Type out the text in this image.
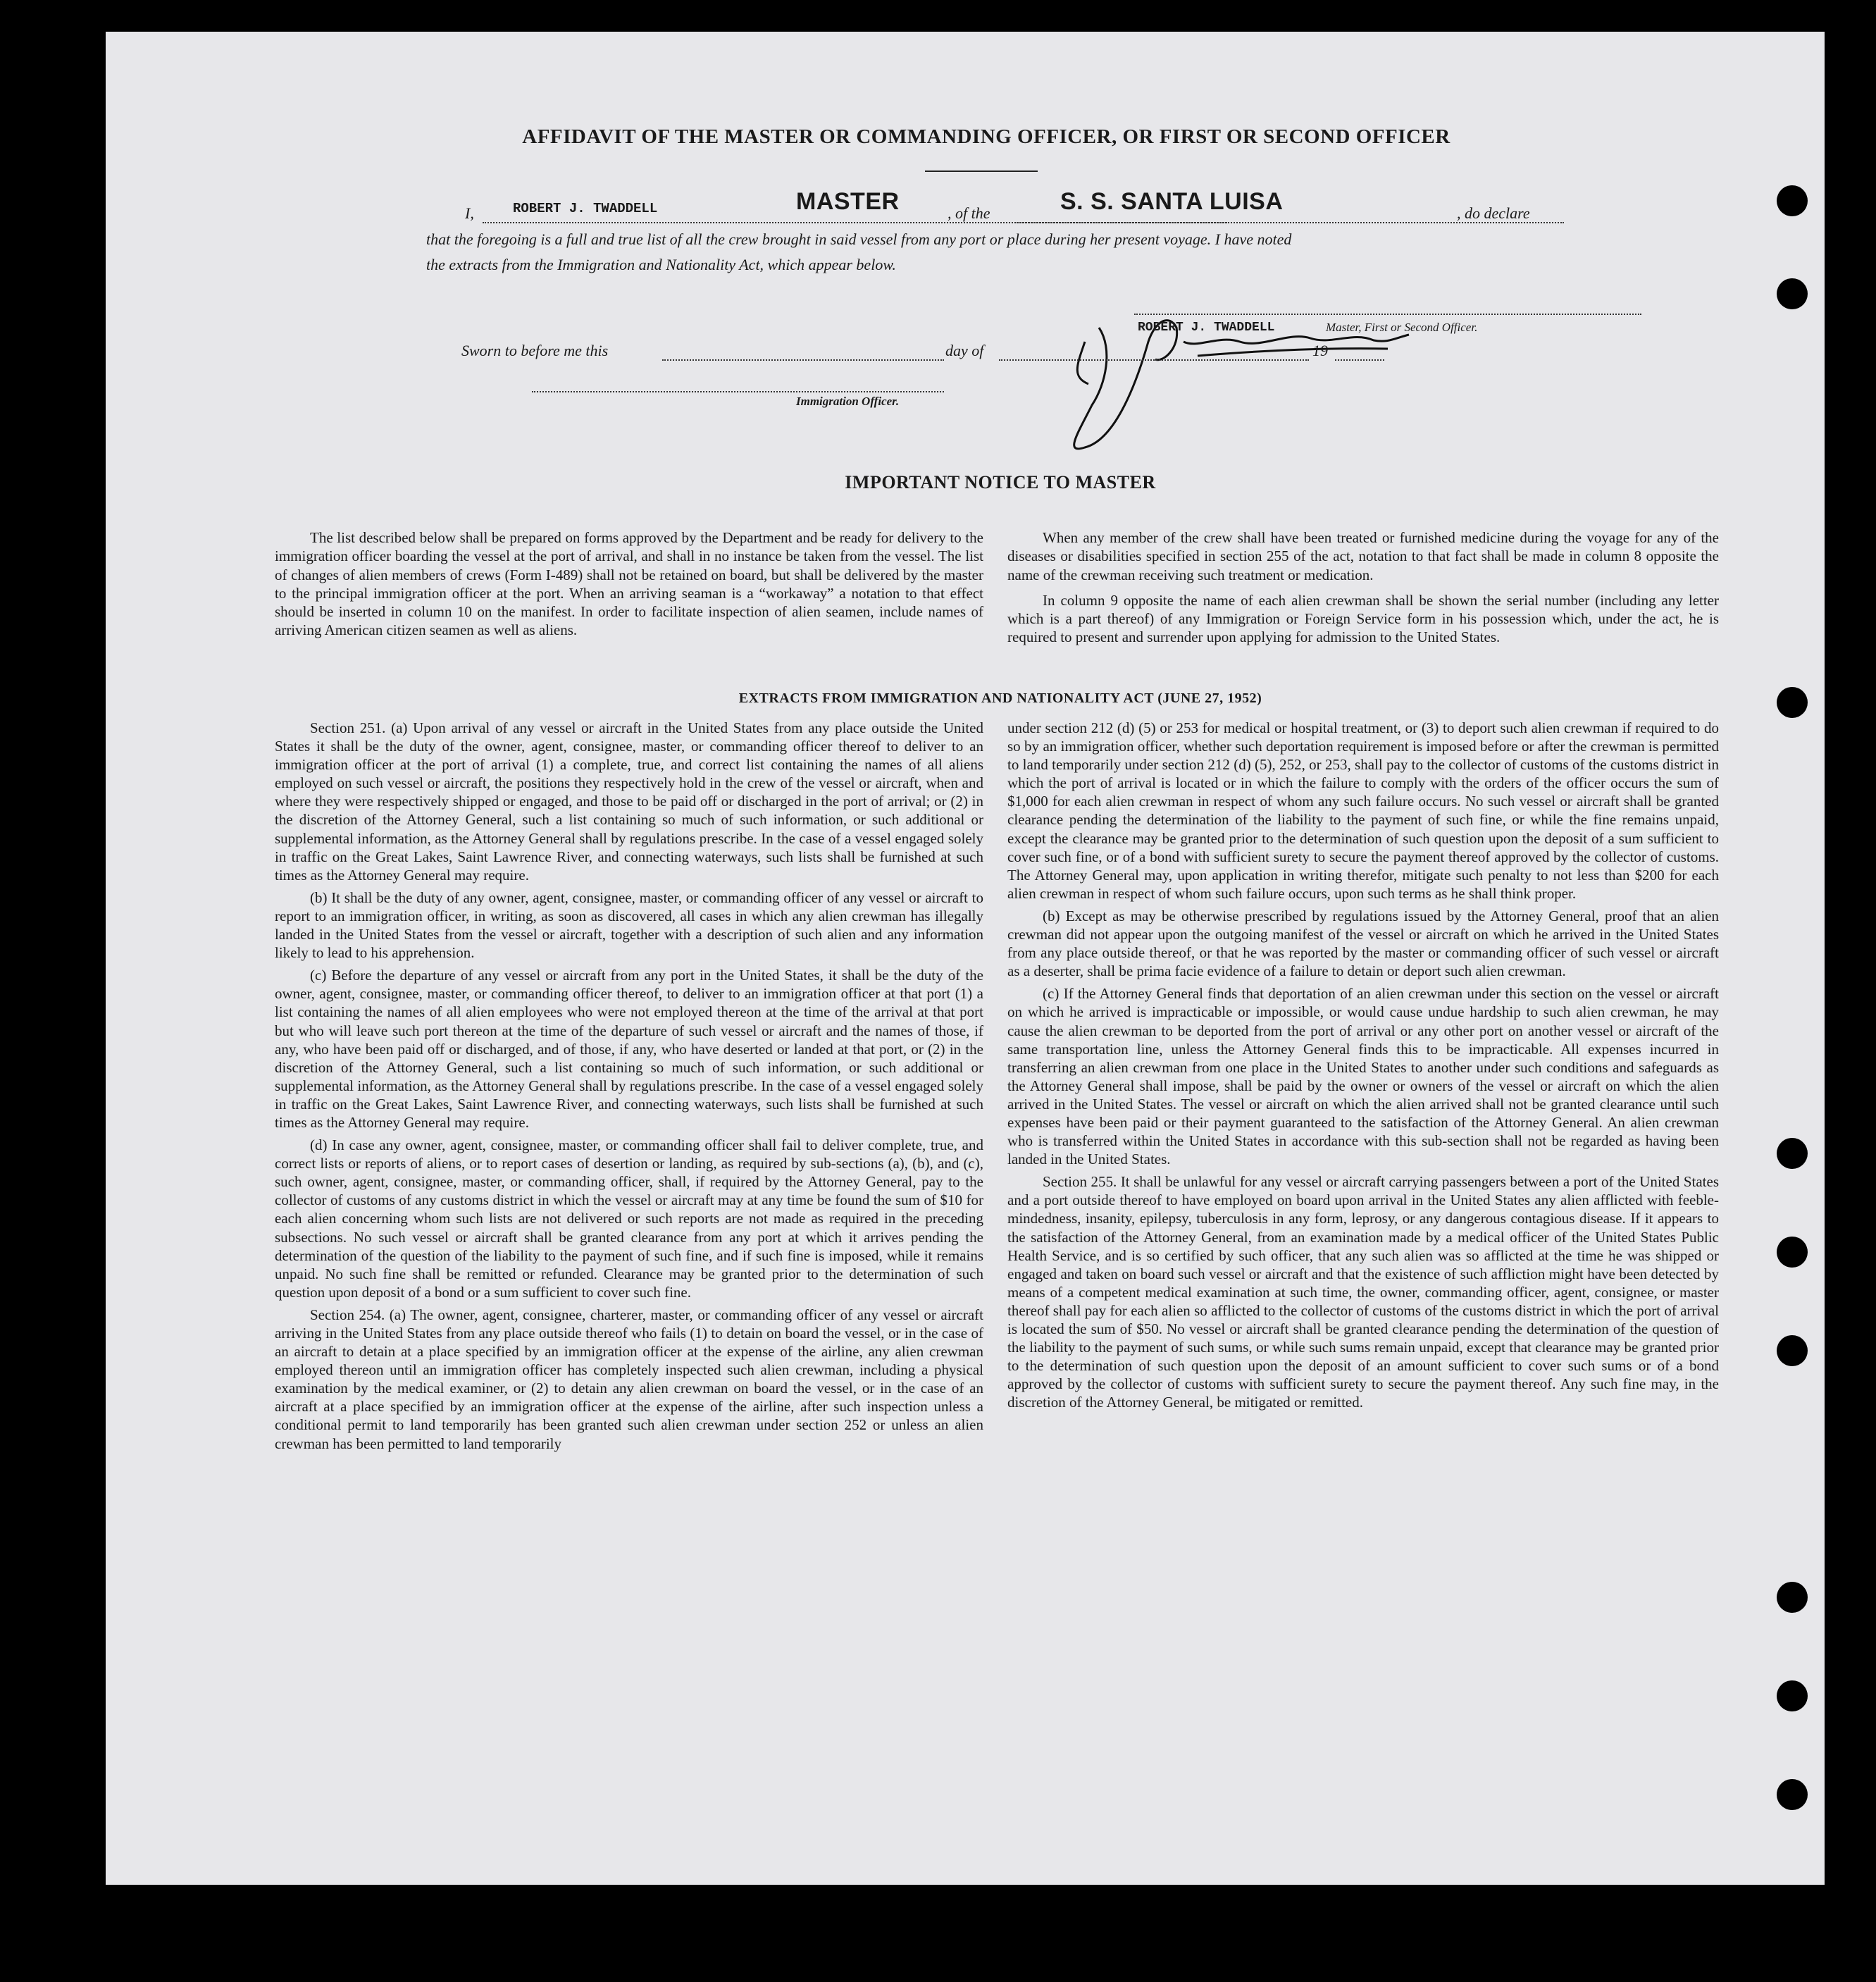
AFFIDAVIT OF THE MASTER OR COMMANDING OFFICER, OR FIRST OR SECOND OFFICER
I,	ROBERT J. TWADDELL	MASTER	, of the	S. S. SANTA LUISA	, do declare
that the foregoing is a full and true list of all the crew brought in said vessel from any port or place during her present voyage. I have noted
the extracts from the Immigration and Nationality Act, which appear below.
ROBERT J. TWADDELL	Master, First or Second Officer.
Sworn to before me this	day of	19
Immigration Officer.
IMPORTANT NOTICE TO MASTER

The list described below shall be prepared on forms approved by the Department and be ready for delivery to the immigration officer boarding the vessel at the port of arrival, and shall in no instance be taken from the vessel. The list of changes of alien members of crews (Form I-489) shall not be retained on board, but shall be delivered by the master to the principal immigration officer at the port. When an arriving seaman is a “workaway” a notation to that effect should be inserted in column 10 on the manifest. In order to facilitate inspection of alien seamen, include names of arriving American citizen seamen as well as aliens.

When any member of the crew shall have been treated or furnished medicine during the voyage for any of the diseases or disabilities specified in section 255 of the act, notation to that fact shall be made in column 8 opposite the name of the crewman receiving such treatment or medication.

In column 9 opposite the name of each alien crewman shall be shown the serial number (including any letter which is a part thereof) of any Immigration or Foreign Service form in his possession which, under the act, he is required to present and surrender upon applying for admission to the United States.

EXTRACTS FROM IMMIGRATION AND NATIONALITY ACT (JUNE 27, 1952)

Section 251. (a) Upon arrival of any vessel or aircraft in the United States from any place outside the United States it shall be the duty of the owner, agent, consignee, master, or commanding officer thereof to deliver to an immigration officer at the port of arrival (1) a complete, true, and correct list containing the names of all aliens employed on such vessel or aircraft, the positions they respectively hold in the crew of the vessel or aircraft, when and where they were respectively shipped or engaged, and those to be paid off or discharged in the port of arrival; or (2) in the discretion of the Attorney General, such a list containing so much of such information, or such additional or supplemental information, as the Attorney General shall by regulations prescribe. In the case of a vessel engaged solely in traffic on the Great Lakes, Saint Lawrence River, and connecting waterways, such lists shall be furnished at such times as the Attorney General may require.

(b) It shall be the duty of any owner, agent, consignee, master, or commanding officer of any vessel or aircraft to report to an immigration officer, in writing, as soon as discovered, all cases in which any alien crewman has illegally landed in the United States from the vessel or aircraft, together with a description of such alien and any information likely to lead to his apprehension.

(c) Before the departure of any vessel or aircraft from any port in the United States, it shall be the duty of the owner, agent, consignee, master, or commanding officer thereof, to deliver to an immigration officer at that port (1) a list containing the names of all alien employees who were not employed thereon at the time of the arrival at that port but who will leave such port thereon at the time of the departure of such vessel or aircraft and the names of those, if any, who have been paid off or discharged, and of those, if any, who have deserted or landed at that port, or (2) in the discretion of the Attorney General, such a list containing so much of such information, or such additional or supplemental information, as the Attorney General shall by regulations prescribe. In the case of a vessel engaged solely in traffic on the Great Lakes, Saint Lawrence River, and connecting waterways, such lists shall be furnished at such times as the Attorney General may require.

(d) In case any owner, agent, consignee, master, or commanding officer shall fail to deliver complete, true, and correct lists or reports of aliens, or to report cases of desertion or landing, as required by sub-sections (a), (b), and (c), such owner, agent, consignee, master, or commanding officer, shall, if required by the Attorney General, pay to the collector of customs of any customs district in which the vessel or aircraft may at any time be found the sum of $10 for each alien concerning whom such lists are not delivered or such reports are not made as required in the preceding subsections. No such vessel or aircraft shall be granted clearance from any port at which it arrives pending the determination of the question of the liability to the payment of such fine, and if such fine is imposed, while it remains unpaid. No such fine shall be remitted or refunded. Clearance may be granted prior to the determination of such question upon deposit of a bond or a sum sufficient to cover such fine.

Section 254. (a) The owner, agent, consignee, charterer, master, or commanding officer of any vessel or aircraft arriving in the United States from any place outside thereof who fails (1) to detain on board the vessel, or in the case of an aircraft to detain at a place specified by an immigration officer at the expense of the airline, any alien crewman employed thereon until an immigration officer has completely inspected such alien crewman, including a physical examination by the medical examiner, or (2) to detain any alien crewman on board the vessel, or in the case of an aircraft at a place specified by an immigration officer at the expense of the airline, after such inspection unless a conditional permit to land temporarily has been granted such alien crewman under section 252 or unless an alien crewman has been permitted to land temporarily

under section 212 (d) (5) or 253 for medical or hospital treatment, or (3) to deport such alien crewman if required to do so by an immigration officer, whether such deportation requirement is imposed before or after the crewman is permitted to land temporarily under section 212 (d) (5), 252, or 253, shall pay to the collector of customs of the customs district in which the port of arrival is located or in which the failure to comply with the orders of the officer occurs the sum of $1,000 for each alien crewman in respect of whom any such failure occurs. No such vessel or aircraft shall be granted clearance pending the determination of the liability to the payment of such fine, or while the fine remains unpaid, except the clearance may be granted prior to the determination of such question upon the deposit of a sum sufficient to cover such fine, or of a bond with sufficient surety to secure the payment thereof approved by the collector of customs. The Attorney General may, upon application in writing therefor, mitigate such penalty to not less than $200 for each alien crewman in respect of whom such failure occurs, upon such terms as he shall think proper.

(b) Except as may be otherwise prescribed by regulations issued by the Attorney General, proof that an alien crewman did not appear upon the outgoing manifest of the vessel or aircraft on which he arrived in the United States from any place outside thereof, or that he was reported by the master or commanding officer of such vessel or aircraft as a deserter, shall be prima facie evidence of a failure to detain or deport such alien crewman.

(c) If the Attorney General finds that deportation of an alien crewman under this section on the vessel or aircraft on which he arrived is impracticable or impossible, or would cause undue hardship to such alien crewman, he may cause the alien crewman to be deported from the port of arrival or any other port on another vessel or aircraft of the same transportation line, unless the Attorney General finds this to be impracticable. All expenses incurred in transferring an alien crewman from one place in the United States to another under such conditions and safeguards as the Attorney General shall impose, shall be paid by the owner or owners of the vessel or aircraft on which the alien arrived in the United States. The vessel or aircraft on which the alien arrived shall not be granted clearance until such expenses have been paid or their payment guaranteed to the satisfaction of the Attorney General. An alien crewman who is transferred within the United States in accordance with this sub-section shall not be regarded as having been landed in the United States.

Section 255. It shall be unlawful for any vessel or aircraft carrying passengers between a port of the United States and a port outside thereof to have employed on board upon arrival in the United States any alien afflicted with feeble-mindedness, insanity, epilepsy, tuberculosis in any form, leprosy, or any dangerous contagious disease. If it appears to the satisfaction of the Attorney General, from an examination made by a medical officer of the United States Public Health Service, and is so certified by such officer, that any such alien was so afflicted at the time he was shipped or engaged and taken on board such vessel or aircraft and that the existence of such affliction might have been detected by means of a competent medical examination at such time, the owner, commanding officer, agent, consignee, or master thereof shall pay for each alien so afflicted to the collector of customs of the customs district in which the port of arrival is located the sum of $50. No vessel or aircraft shall be granted clearance pending the determination of the question of the liability to the payment of such sums, or while such sums remain unpaid, except that clearance may be granted prior to the determination of such question upon the deposit of an amount sufficient to cover such sums or of a bond approved by the collector of customs with sufficient surety to secure the payment thereof. Any such fine may, in the discretion of the Attorney General, be mitigated or remitted.
